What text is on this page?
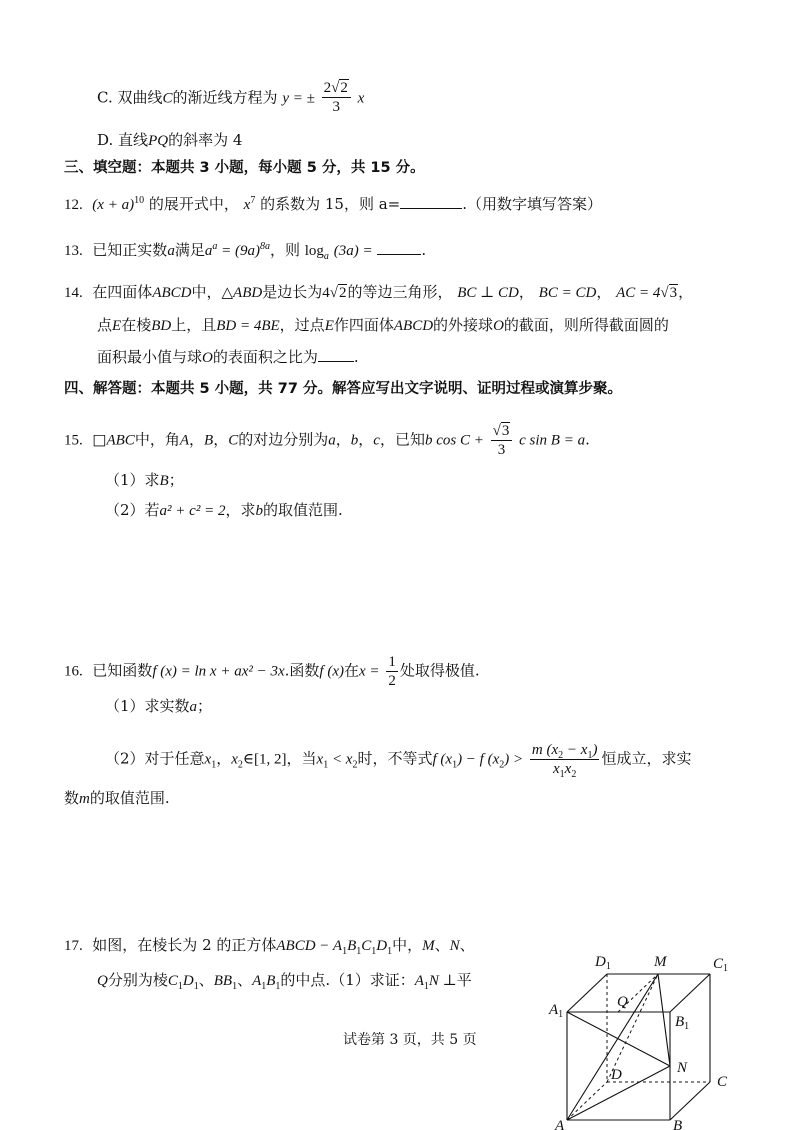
C. 双曲线C的渐近线方程为 y = ± $\frac{2√2}{3}$ x
D. 直线PQ的斜率为 4
三、填空题：本题共 3 小题，每小题 5 分，共 15 分。
12. $(x + a)^{10}$ 的展开式中， $x^7$ 的系数为 15，则 a=	.（用数字填写答案）
13. 已知正实数a满足$a^a = (9a)^{8a}$，则 $\log_a (3a)$ =	.
14. 在四面体ABCD中，△ABD是边长为4√2的等边三角形， BC ⊥ CD， BC = CD， AC = 4√3，
点E在棱BD上，且BD = 4BE，过点E作四面体ABCD的外接球O的截面，则所得截面圆的
面积最小值与球O的表面积之比为 .
四、解答题：本题共 5 小题，共 77 分。解答应写出文字说明、证明过程或演算步聚。
15. □ABC中，角A，B，C的对边分别为a，b，c，已知b $\cos C + \frac{√3}{3}$ c sin B = a.
（1）求B；
（2）若a² + c² = 2，求b的取值范围.
16. 已知函数f (x) = ln x + ax² − 3x.函数f (x)在$x = \frac{1}{2}$ 处取得极值.
（1）求实数a；
（2）对于任意$x_1$，$x_2\in[1$, 2]，当$x_1 < x_2$时，不等式f $(x_1) - f$ $(x_2) > \frac{m (x_2 - x_1)}{x_1x_2}$ 恒成立，求实
数m的取值范围.
17. 如图，在棱长为 2 的正方体ABCD − $A_1B_1C_1D_1$中，M、N、
Q分别为棱$C_1D_1$、$BB_1$、$A_1B_1$的中点.（1）求证：$A_1N$ ⊥平
试卷第 3 页，共 5 页
$D_1$	M	$C_1$
Q
$A_1$	$B_1$
D	N
C
A	B
